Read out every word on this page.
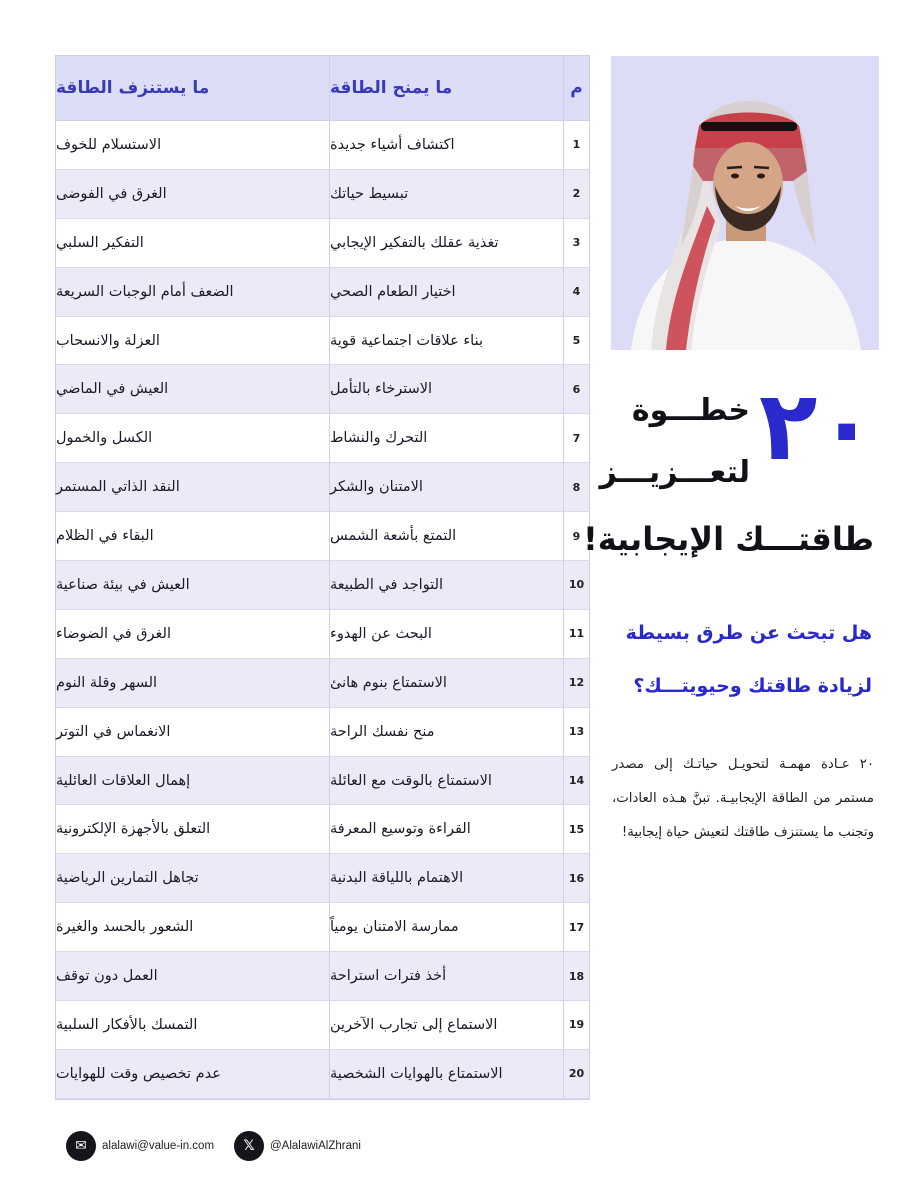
م
ما يمنح الطاقة
ما يستنزف الطاقة
1
اكتشاف أشياء جديدة
الاستسلام للخوف
2
تبسيط حياتك
الغرق في الفوضى
3
تغذية عقلك بالتفكير الإيجابي
التفكير السلبي
4
اختيار الطعام الصحي
الضعف أمام الوجبات السريعة
5
بناء علاقات اجتماعية قوية
العزلة والانسحاب
6
الاسترخاء بالتأمل
العيش في الماضي
7
التحرك والنشاط
الكسل والخمول
8
الامتنان والشكر
النقد الذاتي المستمر
9
التمتع بأشعة الشمس
البقاء في الظلام
10
التواجد في الطبيعة
العيش في بيئة صناعية
11
البحث عن الهدوء
الغرق في الضوضاء
12
الاستمتاع بنوم هانئ
السهر وقلة النوم
13
منح نفسك الراحة
الانغماس في التوتر
14
الاستمتاع بالوقت مع العائلة
إهمال العلاقات العائلية
15
القراءة وتوسيع المعرفة
التعلق بالأجهزة الإلكترونية
16
الاهتمام باللياقة البدنية
تجاهل التمارين الرياضية
17
ممارسة الامتنان يومياً
الشعور بالحسد والغيرة
18
أخذ فترات استراحة
العمل دون توقف
19
الاستماع إلى تجارب الآخرين
التمسك بالأفكار السلبية
20
الاستمتاع بالهوايات الشخصية
عدم تخصيص وقت للهوايات
٢٠
خطـــوة
لتعـــزيـــز
طاقتـــك الإيجابية!
هل تبحث عن طرق بسيطة
لزيادة طاقتك وحيويتـــك؟
٢٠ عـادة مهمـة لتحويـل حياتـك إلى مصدر مستمر من الطاقة الإيجابيـة. تبنَّ هـذه العادات، وتجنب ما يستنزف طاقتك لتعيش حياة إيجابية!
✉	alalawi@value-in.com	𝕏	@AlalawiAlZhrani
